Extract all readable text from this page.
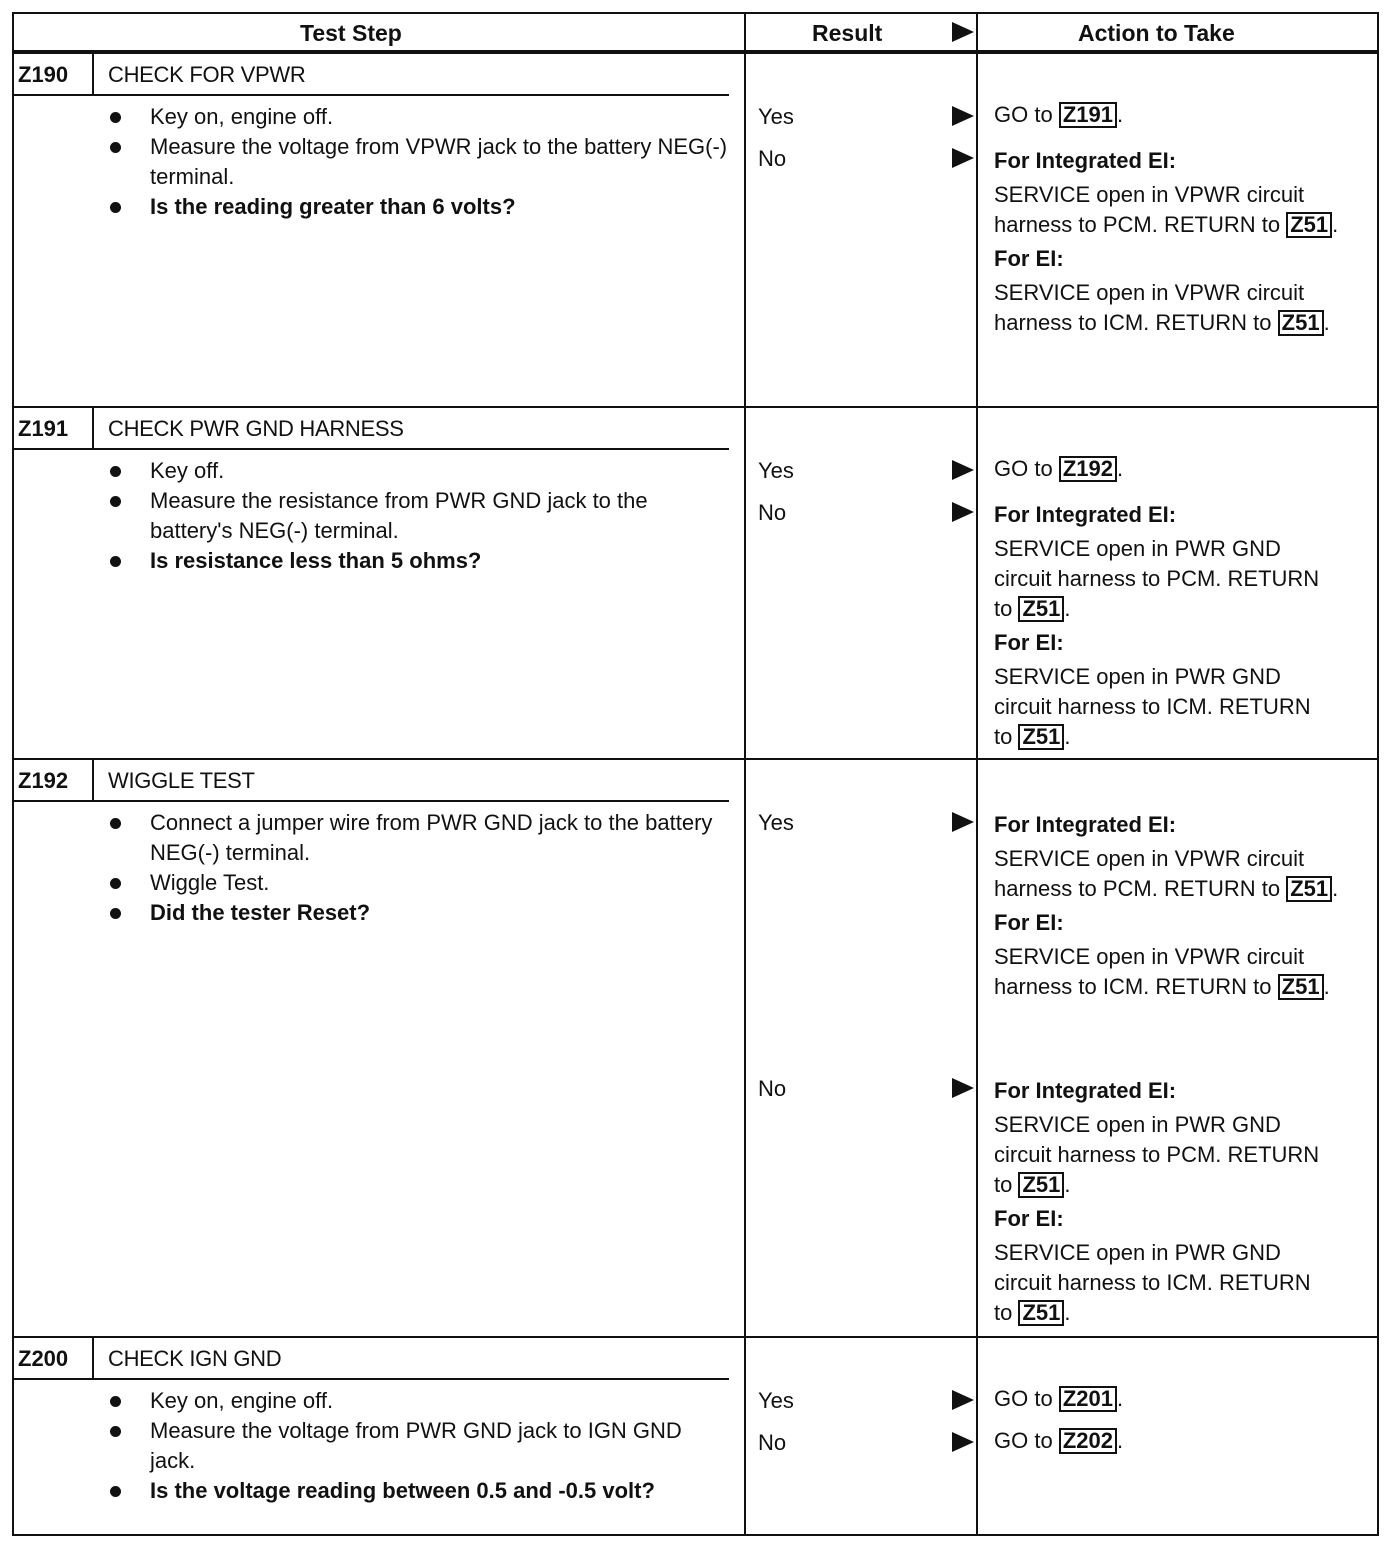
Test Step	Result	Action to Take
Z190 CHECK FOR VPWR
Key on, engine off.
Measure the voltage from VPWR jack to the battery NEG(-) terminal.
Is the reading greater than 6 volts?
Yes
No
GO to Z191 .
For Integrated EI:
SERVICE open in VPWR circuit harness to PCM. RETURN to Z51 .
For EI:
SERVICE open in VPWR circuit harness to ICM. RETURN to Z51 .
Z191 CHECK PWR GND HARNESS
Key off.
Measure the resistance from PWR GND jack to the battery's NEG(-) terminal.
Is resistance less than 5 ohms?
Yes
No
GO to Z192 .
For Integrated EI:
SERVICE open in PWR GND circuit harness to PCM. RETURN to Z51 .
For EI:
SERVICE open in PWR GND circuit harness to ICM. RETURN to Z51 .
Z192 WIGGLE TEST
Connect a jumper wire from PWR GND jack to the battery NEG(-) terminal.
Wiggle Test.
Did the tester Reset?
Yes
No
For Integrated EI:
SERVICE open in VPWR circuit harness to PCM. RETURN to Z51 .
For EI:
SERVICE open in VPWR circuit harness to ICM. RETURN to Z51 .
For Integrated EI:
SERVICE open in PWR GND circuit harness to PCM. RETURN to Z51 .
For EI:
SERVICE open in PWR GND circuit harness to ICM. RETURN to Z51 .
Z200 CHECK IGN GND
Key on, engine off.
Measure the voltage from PWR GND jack to IGN GND jack.
Is the voltage reading between 0.5 and -0.5 volt?
Yes
No
GO to Z201 .
GO to Z202 .
